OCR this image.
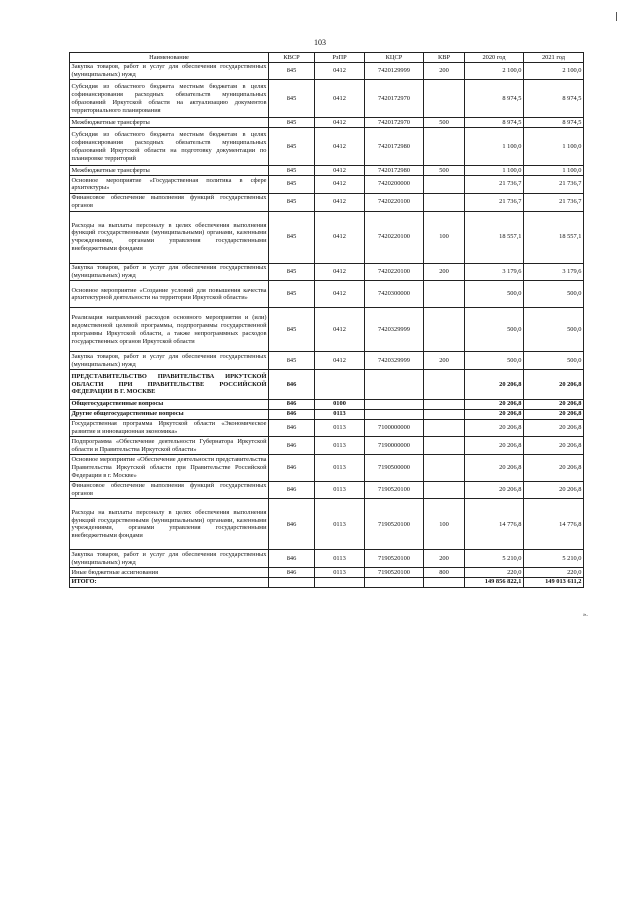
103
Наименование	КВСР	РзПР	КЦСР	КВР	2020 год	2021 год
Закупка товаров, работ и услуг для обеспечения государственных (муниципальных) нужд	845	0412	7420129999	200	2 100,0	2 100,0
Субсидия из областного бюджета местным бюджетам в целях софинансирования расходных обязательств муниципальных образований Иркутской области на актуализацию документов территориального планирования	845	0412	7420172970		8 974,5	8 974,5
Межбюджетные трансферты	845	0412	7420172970	500	8 974,5	8 974,5
Субсидия из областного бюджета местным бюджетам в целях софинансирования расходных обязательств муниципальных образований Иркутской области на подготовку документации по планировке территорий	845	0412	7420172980		1 100,0	1 100,0
Межбюджетные трансферты	845	0412	7420172980	500	1 100,0	1 100,0
Основное мероприятие «Государственная политика в сфере архитектуры»	845	0412	7420200000		21 736,7	21 736,7
Финансовое обеспечение выполнения функций государственных органов	845	0412	7420220100		21 736,7	21 736,7
Расходы на выплаты персоналу в целях обеспечения выполнения функций государственными (муниципальными) органами, казенными учреждениями, органами управления государственными внебюджетными фондами	845	0412	7420220100	100	18 557,1	18 557,1
Закупка товаров, работ и услуг для обеспечения государственных (муниципальных) нужд	845	0412	7420220100	200	3 179,6	3 179,6
Основное мероприятие «Создание условий для повышения качества архитектурной деятельности на территории Иркутской области»	845	0412	7420300000		500,0	500,0
Реализация направлений расходов основного мероприятия и (или) ведомственной целевой программы, подпрограммы государственной программы Иркутской области, а также непрограммных расходов государственных органов Иркутской области	845	0412	7420329999		500,0	500,0
Закупка товаров, работ и услуг для обеспечения государственных (муниципальных) нужд	845	0412	7420329999	200	500,0	500,0
ПРЕДСТАВИТЕЛЬСТВО ПРАВИТЕЛЬСТВА ИРКУТСКОЙ ОБЛАСТИ ПРИ ПРАВИТЕЛЬСТВЕ РОССИЙСКОЙ ФЕДЕРАЦИИ В Г. МОСКВЕ	846				20 206,8	20 206,8
Общегосударственные вопросы	846	0100			20 206,8	20 206,8
Другие общегосударственные вопросы	846	0113			20 206,8	20 206,8
Государственная программа Иркутской области «Экономическое развитие и инновационная экономика»	846	0113	7100000000		20 206,8	20 206,8
Подпрограмма «Обеспечение деятельности Губернатора Иркутской области и Правительства Иркутской области»	846	0113	7190000000		20 206,8	20 206,8
Основное мероприятие «Обеспечение деятельности представительства Правительства Иркутской области при Правительстве Российской Федерации в г. Москве»	846	0113	7190500000		20 206,8	20 206,8
Финансовое обеспечение выполнения функций государственных органов	846	0113	7190520100		20 206,8	20 206,8
Расходы на выплаты персоналу в целях обеспечения выполнения функций государственными (муниципальными) органами, казенными учреждениями, органами управления государственными внебюджетными фондами	846	0113	7190520100	100	14 776,8	14 776,8
Закупка товаров, работ и услуг для обеспечения государственных (муниципальных) нужд	846	0113	7190520100	200	5 210,0	5 210,0
Иные бюджетные ассигнования	846	0113	7190520100	800	220,0	220,0
ИТОГО:					149 856 822,1	149 013 611,2
».
